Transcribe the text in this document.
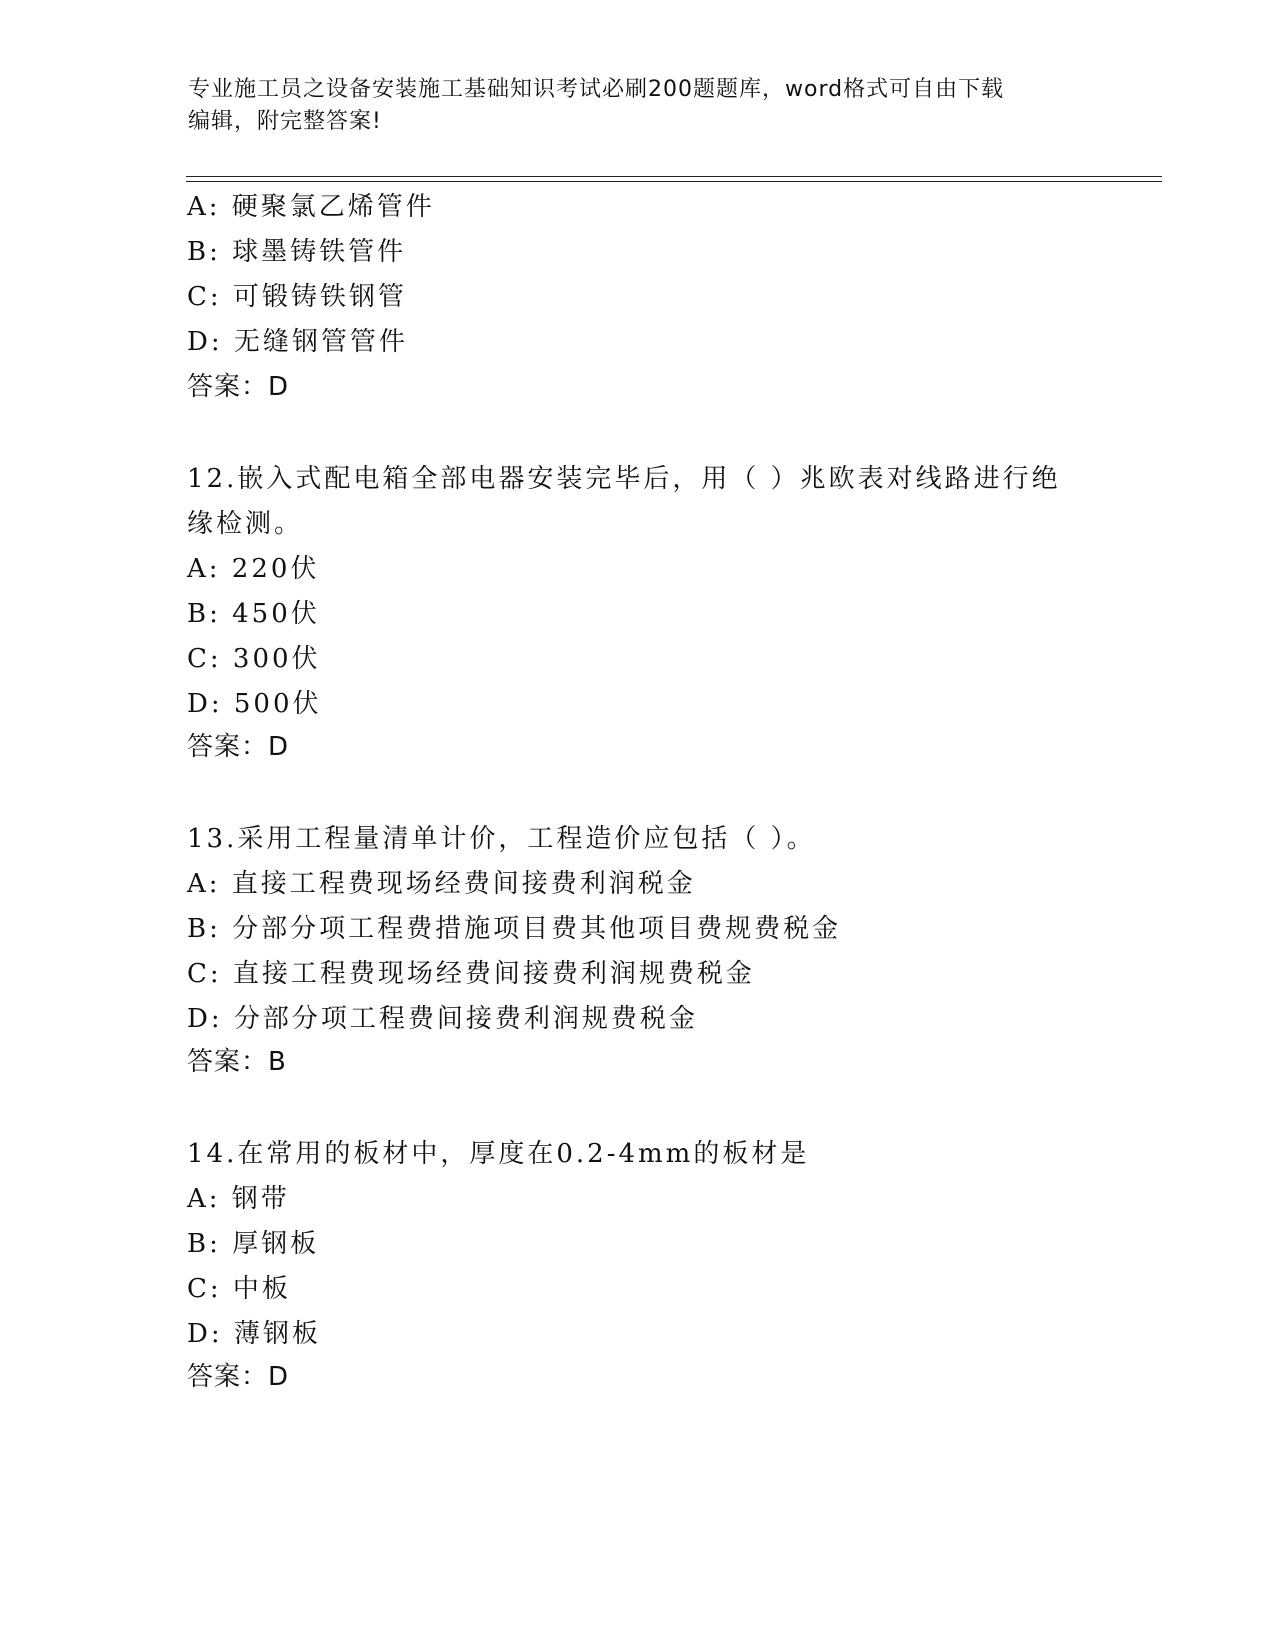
专业施工员之设备安装施工基础知识考试必刷200题题库，word格式可自由下载
编辑，附完整答案!
A: 硬聚氯乙烯管件
B: 球墨铸铁管件
C: 可锻铸铁钢管
D: 无缝钢管管件
答案：D
12.嵌入式配电箱全部电器安装完毕后，用（ ）兆欧表对线路进行绝
缘检测。
A: 220伏
B: 450伏
C: 300伏
D: 500伏
答案：D
13.采用工程量清单计价，工程造价应包括（ ）。
A: 直接工程费现场经费间接费利润税金
B: 分部分项工程费措施项目费其他项目费规费税金
C: 直接工程费现场经费间接费利润规费税金
D: 分部分项工程费间接费利润规费税金
答案：B
14.在常用的板材中，厚度在0.2-4mm的板材是
A: 钢带
B: 厚钢板
C: 中板
D: 薄钢板
答案：D
